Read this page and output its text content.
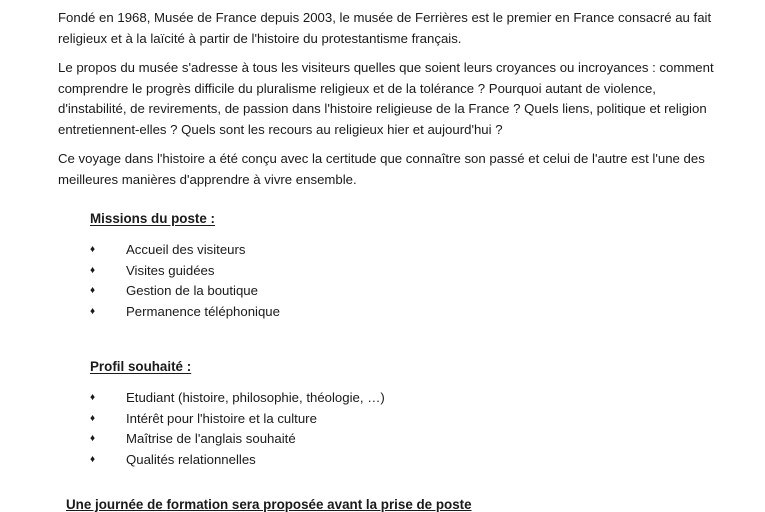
Fondé en 1968, Musée de France depuis 2003, le musée de Ferrières est le premier en France consacré au fait religieux et à la laïcité à partir de l'histoire du protestantisme français.

Le propos du musée s'adresse à tous les visiteurs quelles que soient leurs croyances ou incroyances : comment comprendre le progrès difficile du pluralisme religieux et de la tolérance ? Pourquoi autant de violence, d'instabilité, de revirements, de passion dans l'histoire religieuse de la France ? Quels liens, politique et religion entretiennent-elles ? Quels sont les recours au religieux hier et aujourd'hui ?

Ce voyage dans l'histoire a été conçu avec la certitude que connaître son passé et celui de l'autre est l'une des meilleures manières d'apprendre à vivre ensemble.

Missions du poste :

♦	Accueil des visiteurs
♦	Visites guidées
♦	Gestion de la boutique
♦	Permanence téléphonique

Profil souhaité :

♦	Etudiant (histoire, philosophie, théologie, …)
♦	Intérêt pour l'histoire et la culture
♦	Maîtrise de l'anglais souhaité
♦	Qualités relationnelles

Une journée de formation sera proposée avant la prise de poste
